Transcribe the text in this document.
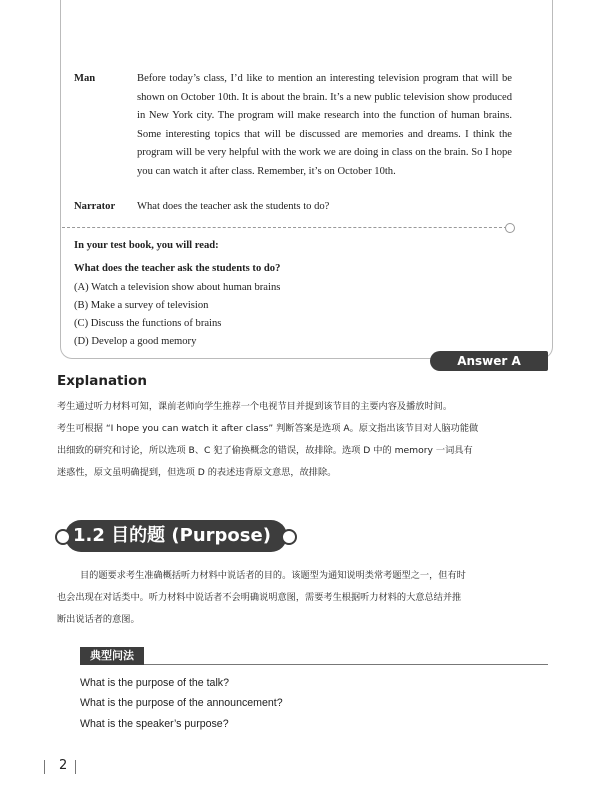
Man	Before today’s class, I’d like to mention an interesting television program that will be shown on October 10th. It is about the brain. It’s a new public television show produced in New York city. The program will make research into the function of human brains. Some interesting topics that will be discussed are memories and dreams. I think the program will be very helpful with the work we are doing in class on the brain. So I hope you can watch it after class. Remember, it’s on October 10th.
Narrator What does the teacher ask the students to do?
In your test book, you will read:
What does the teacher ask the students to do?
(A) Watch a television show about human brains
(B) Make a survey of television
(C) Discuss the functions of brains
(D) Develop a good memory
Answer A
Explanation
考生通过听力材料可知，课前老师向学生推荐一个电视节目并提到该节目的主要内容及播放时间。
考生可根据 “I hope you can watch it after class” 判断答案是选项 A。原文指出该节目对人脑功能做
出细致的研究和讨论，所以选项 B、C 犯了偷换概念的错误，故排除。选项 D 中的 memory 一词具有
迷惑性，原文虽明确提到，但选项 D 的表述违背原文意思，故排除。
1.2 目的题 (Purpose)
目的题要求考生准确概括听力材料中说话者的目的。该题型为通知说明类常考题型之一，但有时
也会出现在对话类中。听力材料中说话者不会明确说明意图，需要考生根据听力材料的大意总结并推
断出说话者的意图。
典型问法
What is the purpose of the talk?
What is the purpose of the announcement?
What is the speaker’s purpose?
2
